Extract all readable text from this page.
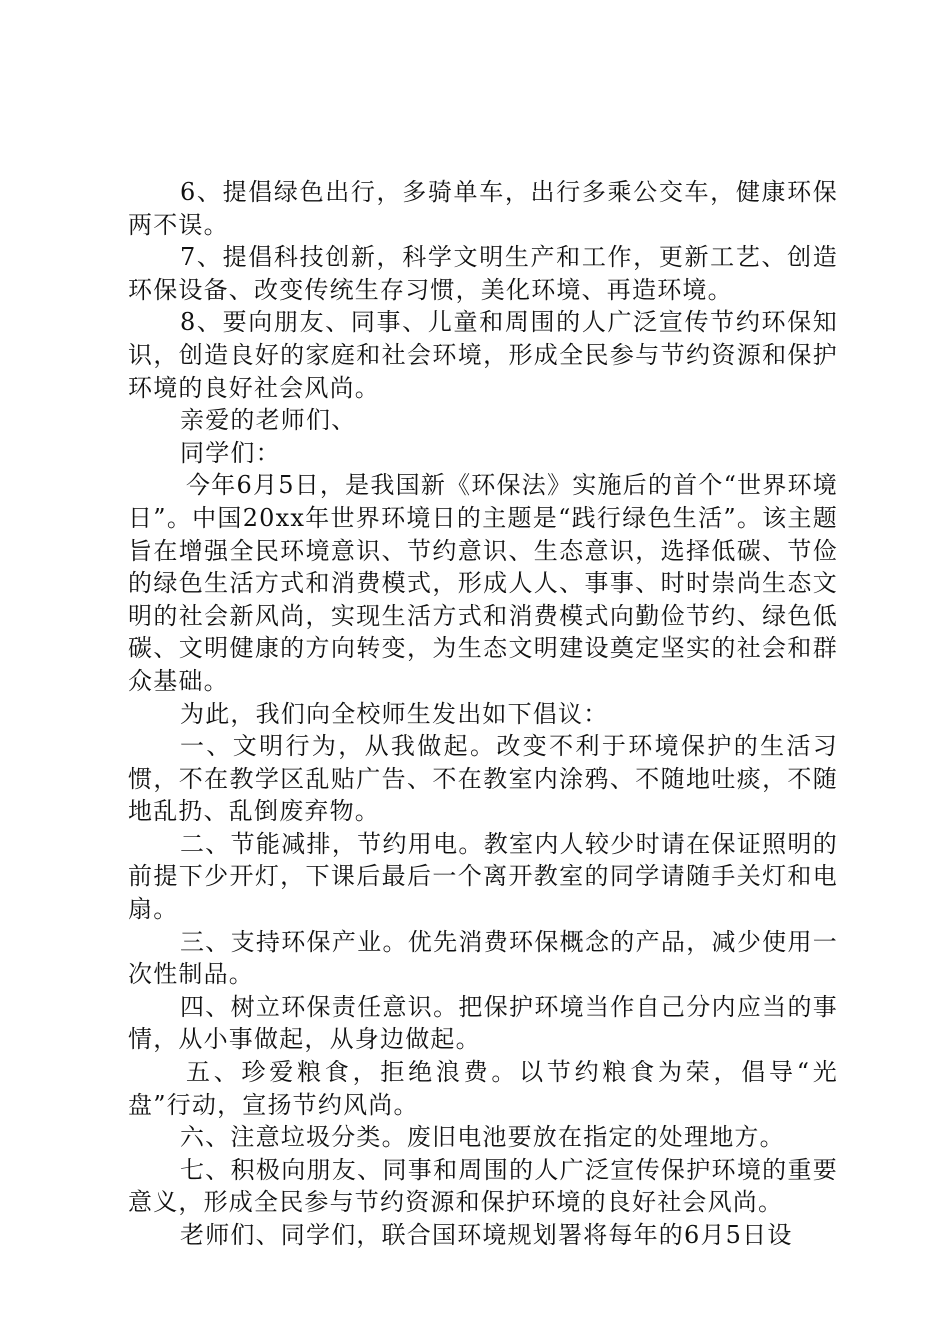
6、提倡绿色出行，多骑单车，出行多乘公交车，健康环保两不误。

7、提倡科技创新，科学文明生产和工作，更新工艺、创造环保设备、改变传统生存习惯，美化环境、再造环境。

8、要向朋友、同事、儿童和周围的人广泛宣传节约环保知识，创造良好的家庭和社会环境，形成全民参与节约资源和保护环境的良好社会风尚。

亲爱的老师们、

同学们：

今年6月5日，是我国新《环保法》实施后的首个“世界环境日”。中国20xx年世界环境日的主题是“践行绿色生活”。该主题旨在增强全民环境意识、节约意识、生态意识，选择低碳、节俭的绿色生活方式和消费模式，形成人人、事事、时时崇尚生态文明的社会新风尚，实现生活方式和消费模式向勤俭节约、绿色低碳、文明健康的方向转变，为生态文明建设奠定坚实的社会和群众基础。

为此，我们向全校师生发出如下倡议：

一、文明行为，从我做起。改变不利于环境保护的生活习惯，不在教学区乱贴广告、不在教室内涂鸦、不随地吐痰，不随地乱扔、乱倒废弃物。

二、节能减排，节约用电。教室内人较少时请在保证照明的前提下少开灯，下课后最后一个离开教室的同学请随手关灯和电扇。

三、支持环保产业。优先消费环保概念的产品，减少使用一次性制品。

四、树立环保责任意识。把保护环境当作自己分内应当的事情，从小事做起，从身边做起。

五、珍爱粮食，拒绝浪费。以节约粮食为荣，倡导“光盘”行动，宣扬节约风尚。

六、注意垃圾分类。废旧电池要放在指定的处理地方。

七、积极向朋友、同事和周围的人广泛宣传保护环境的重要意义，形成全民参与节约资源和保护环境的良好社会风尚。

老师们、同学们，联合国环境规划署将每年的6月5日设
